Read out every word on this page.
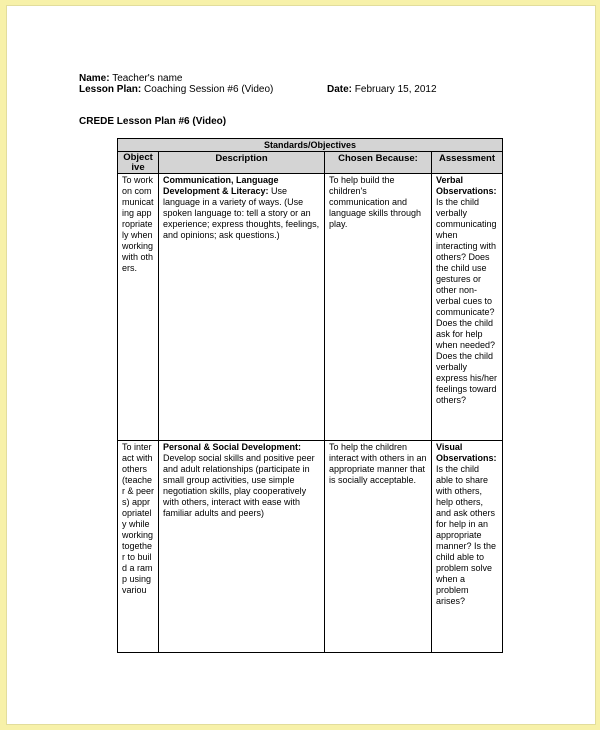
Name: Teacher's name
Lesson Plan: Coaching Session #6 (Video)	Date: February 15, 2012
CREDE Lesson Plan #6 (Video)
Standards/Objectives			
Objective	Description	Chosen Because:	Assessment
To work on communicating appropriately when working with others.	Communication, Language Development & Literacy: Use language in a variety of ways. (Use spoken language to: tell a story or an experience; express thoughts, feelings, and opinions; ask questions.)	To help build the children's communication and language skills through play.	Verbal Observations:
Is the child verbally communicating when interacting with others? Does the child use gestures or other non-verbal cues to communicate? Does the child ask for help when needed? Does the child verbally express his/her feelings toward others?
To interact with others (teacher & peers) appropriately while working together to build a ramp using variou	Personal & Social Development: Develop social skills and positive peer and adult relationships (participate in small group activities, use simple negotiation skills, play cooperatively with others, interact with ease with familiar adults and peers)	To help the children interact with others in an appropriate manner that is socially acceptable.	Visual Observations:
Is the child able to share with others, help others, and ask others for help in an appropriate manner? Is the child able to problem solve when a problem arises?
